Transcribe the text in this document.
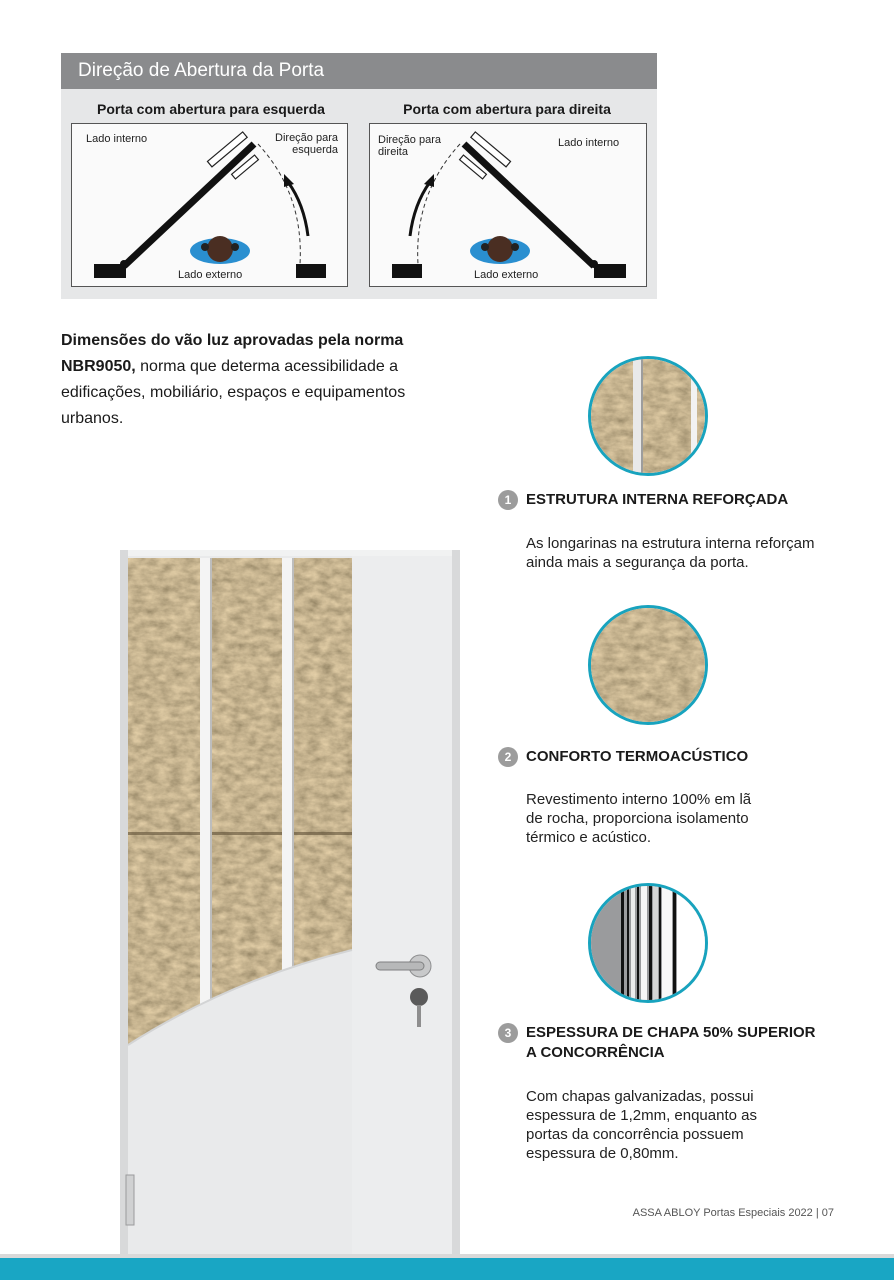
Direção de Abertura da Porta
Porta com abertura para esquerda	Porta com abertura para direita
Lado interno	Direção para
esquerda
Lado externo
Direção para
direita
Lado interno
Lado externo
Dimensões do vão luz aprovadas pela norma
NBR9050, norma que determa acessibilidade a
edificações, mobiliário, espaços e equipamentos
urbanos.
1 ESTRUTURA INTERNA REFORÇADA
As longarinas na estrutura interna reforçam
ainda mais a segurança da porta.
2 CONFORTO TERMOACÚSTICO
Revestimento interno 100% em lã
de rocha, proporciona isolamento
térmico e acústico.
3 ESPESSURA DE CHAPA 50% SUPERIOR
A CONCORRÊNCIA
Com chapas galvanizadas, possui
espessura de 1,2mm, enquanto as
portas da concorrência possuem
espessura de 0,80mm.
ASSA ABLOY Portas Especiais 2022 | 07
